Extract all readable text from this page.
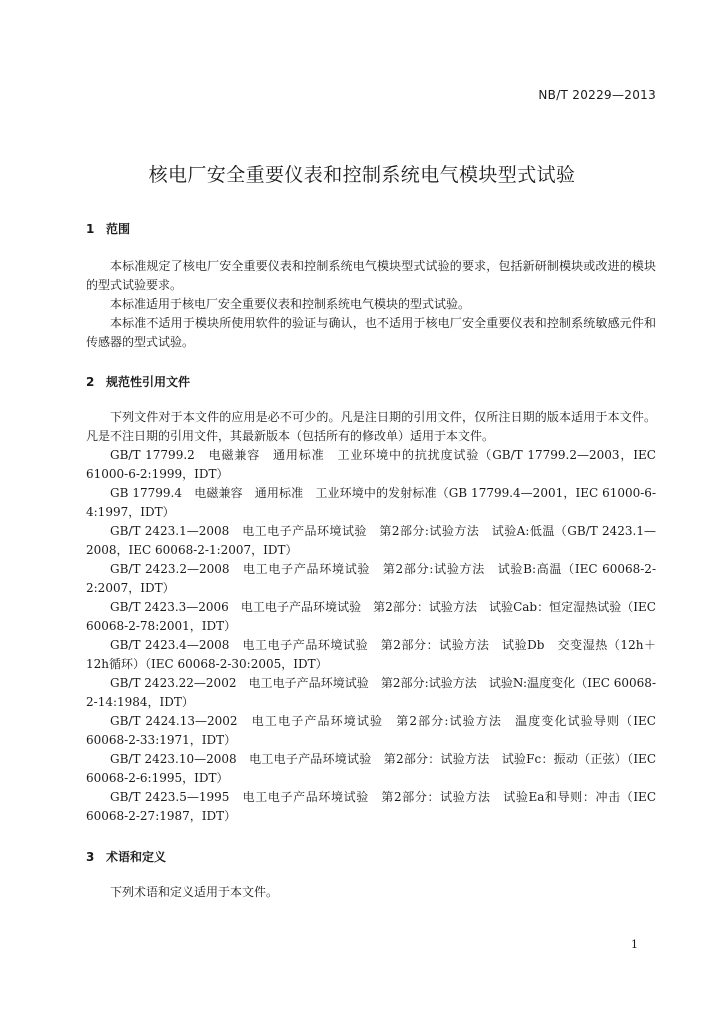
NB/T 20229—2013
核电厂安全重要仪表和控制系统电气模块型式试验
1 范围
本标准规定了核电厂安全重要仪表和控制系统电气模块型式试验的要求，包括新研制模块或改进的模块的型式试验要求。
本标准适用于核电厂安全重要仪表和控制系统电气模块的型式试验。
本标准不适用于模块所使用软件的验证与确认，也不适用于核电厂安全重要仪表和控制系统敏感元件和传感器的型式试验。
2 规范性引用文件
下列文件对于本文件的应用是必不可少的。凡是注日期的引用文件，仅所注日期的版本适用于本文件。凡是不注日期的引用文件，其最新版本（包括所有的修改单）适用于本文件。
GB/T 17799.2　电磁兼容　通用标准　工业环境中的抗扰度试验（GB/T 17799.2—2003，IEC 61000-6-2:1999，IDT）
GB 17799.4　电磁兼容　通用标准　工业环境中的发射标准（GB 17799.4—2001，IEC 61000-6-4:1997，IDT）
GB/T 2423.1—2008　电工电子产品环境试验　第2部分:试验方法　试验A:低温（GB/T 2423.1—2008，IEC 60068-2-1:2007，IDT）
GB/T 2423.2—2008　电工电子产品环境试验　第2部分:试验方法　试验B:高温（IEC 60068-2-2:2007，IDT）
GB/T 2423.3—2006　电工电子产品环境试验　第2部分：试验方法　试验Cab：恒定湿热试验（IEC 60068-2-78:2001，IDT）
GB/T 2423.4—2008　电工电子产品环境试验　第2部分：试验方法　试验Db　交变湿热（12h＋12h循环）（IEC 60068-2-30:2005，IDT）
GB/T 2423.22—2002　电工电子产品环境试验　第2部分:试验方法　试验N:温度变化（IEC 60068-2-14:1984，IDT）
GB/T 2424.13—2002　电工电子产品环境试验　第2部分:试验方法　温度变化试验导则（IEC 60068-2-33:1971，IDT）
GB/T 2423.10—2008　电工电子产品环境试验　第2部分：试验方法　试验Fc：振动（正弦）（IEC 60068-2-6:1995，IDT）
GB/T 2423.5—1995　电工电子产品环境试验　第2部分：试验方法　试验Ea和导则：冲击（IEC 60068-2-27:1987，IDT）
3 术语和定义
下列术语和定义适用于本文件。
1
